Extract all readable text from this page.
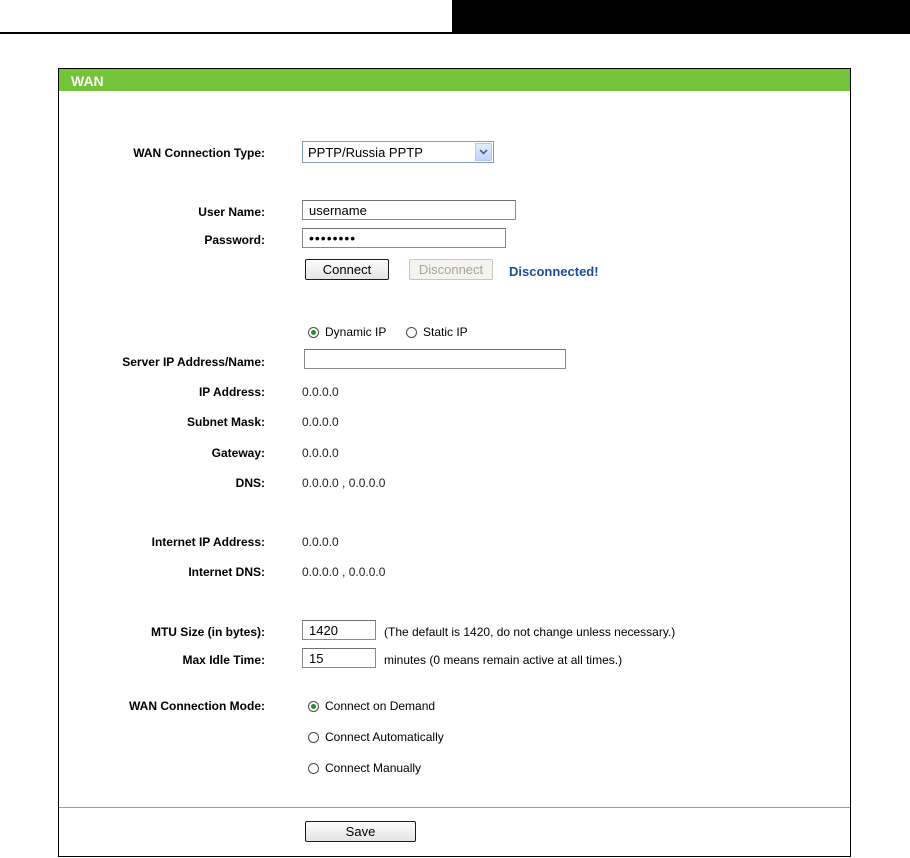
WAN
WAN Connection Type:	PPTP/Russia PPTP
User Name:
username
Password:	••••••••
Connect	Disconnect	Disconnected!
Dynamic IP	Static IP
Server IP Address/Name:
IP Address:	0.0.0.0
Subnet Mask:	0.0.0.0
Gateway:	0.0.0.0
DNS:	0.0.0.0 , 0.0.0.0
Internet IP Address:	0.0.0.0
Internet DNS:	0.0.0.0 , 0.0.0.0
MTU Size (in bytes):
1420	(The default is 1420, do not change unless necessary.)
Max Idle Time:
15	minutes (0 means remain active at all times.)
WAN Connection Mode:	Connect on Demand
Connect Automatically
Connect Manually
Save
